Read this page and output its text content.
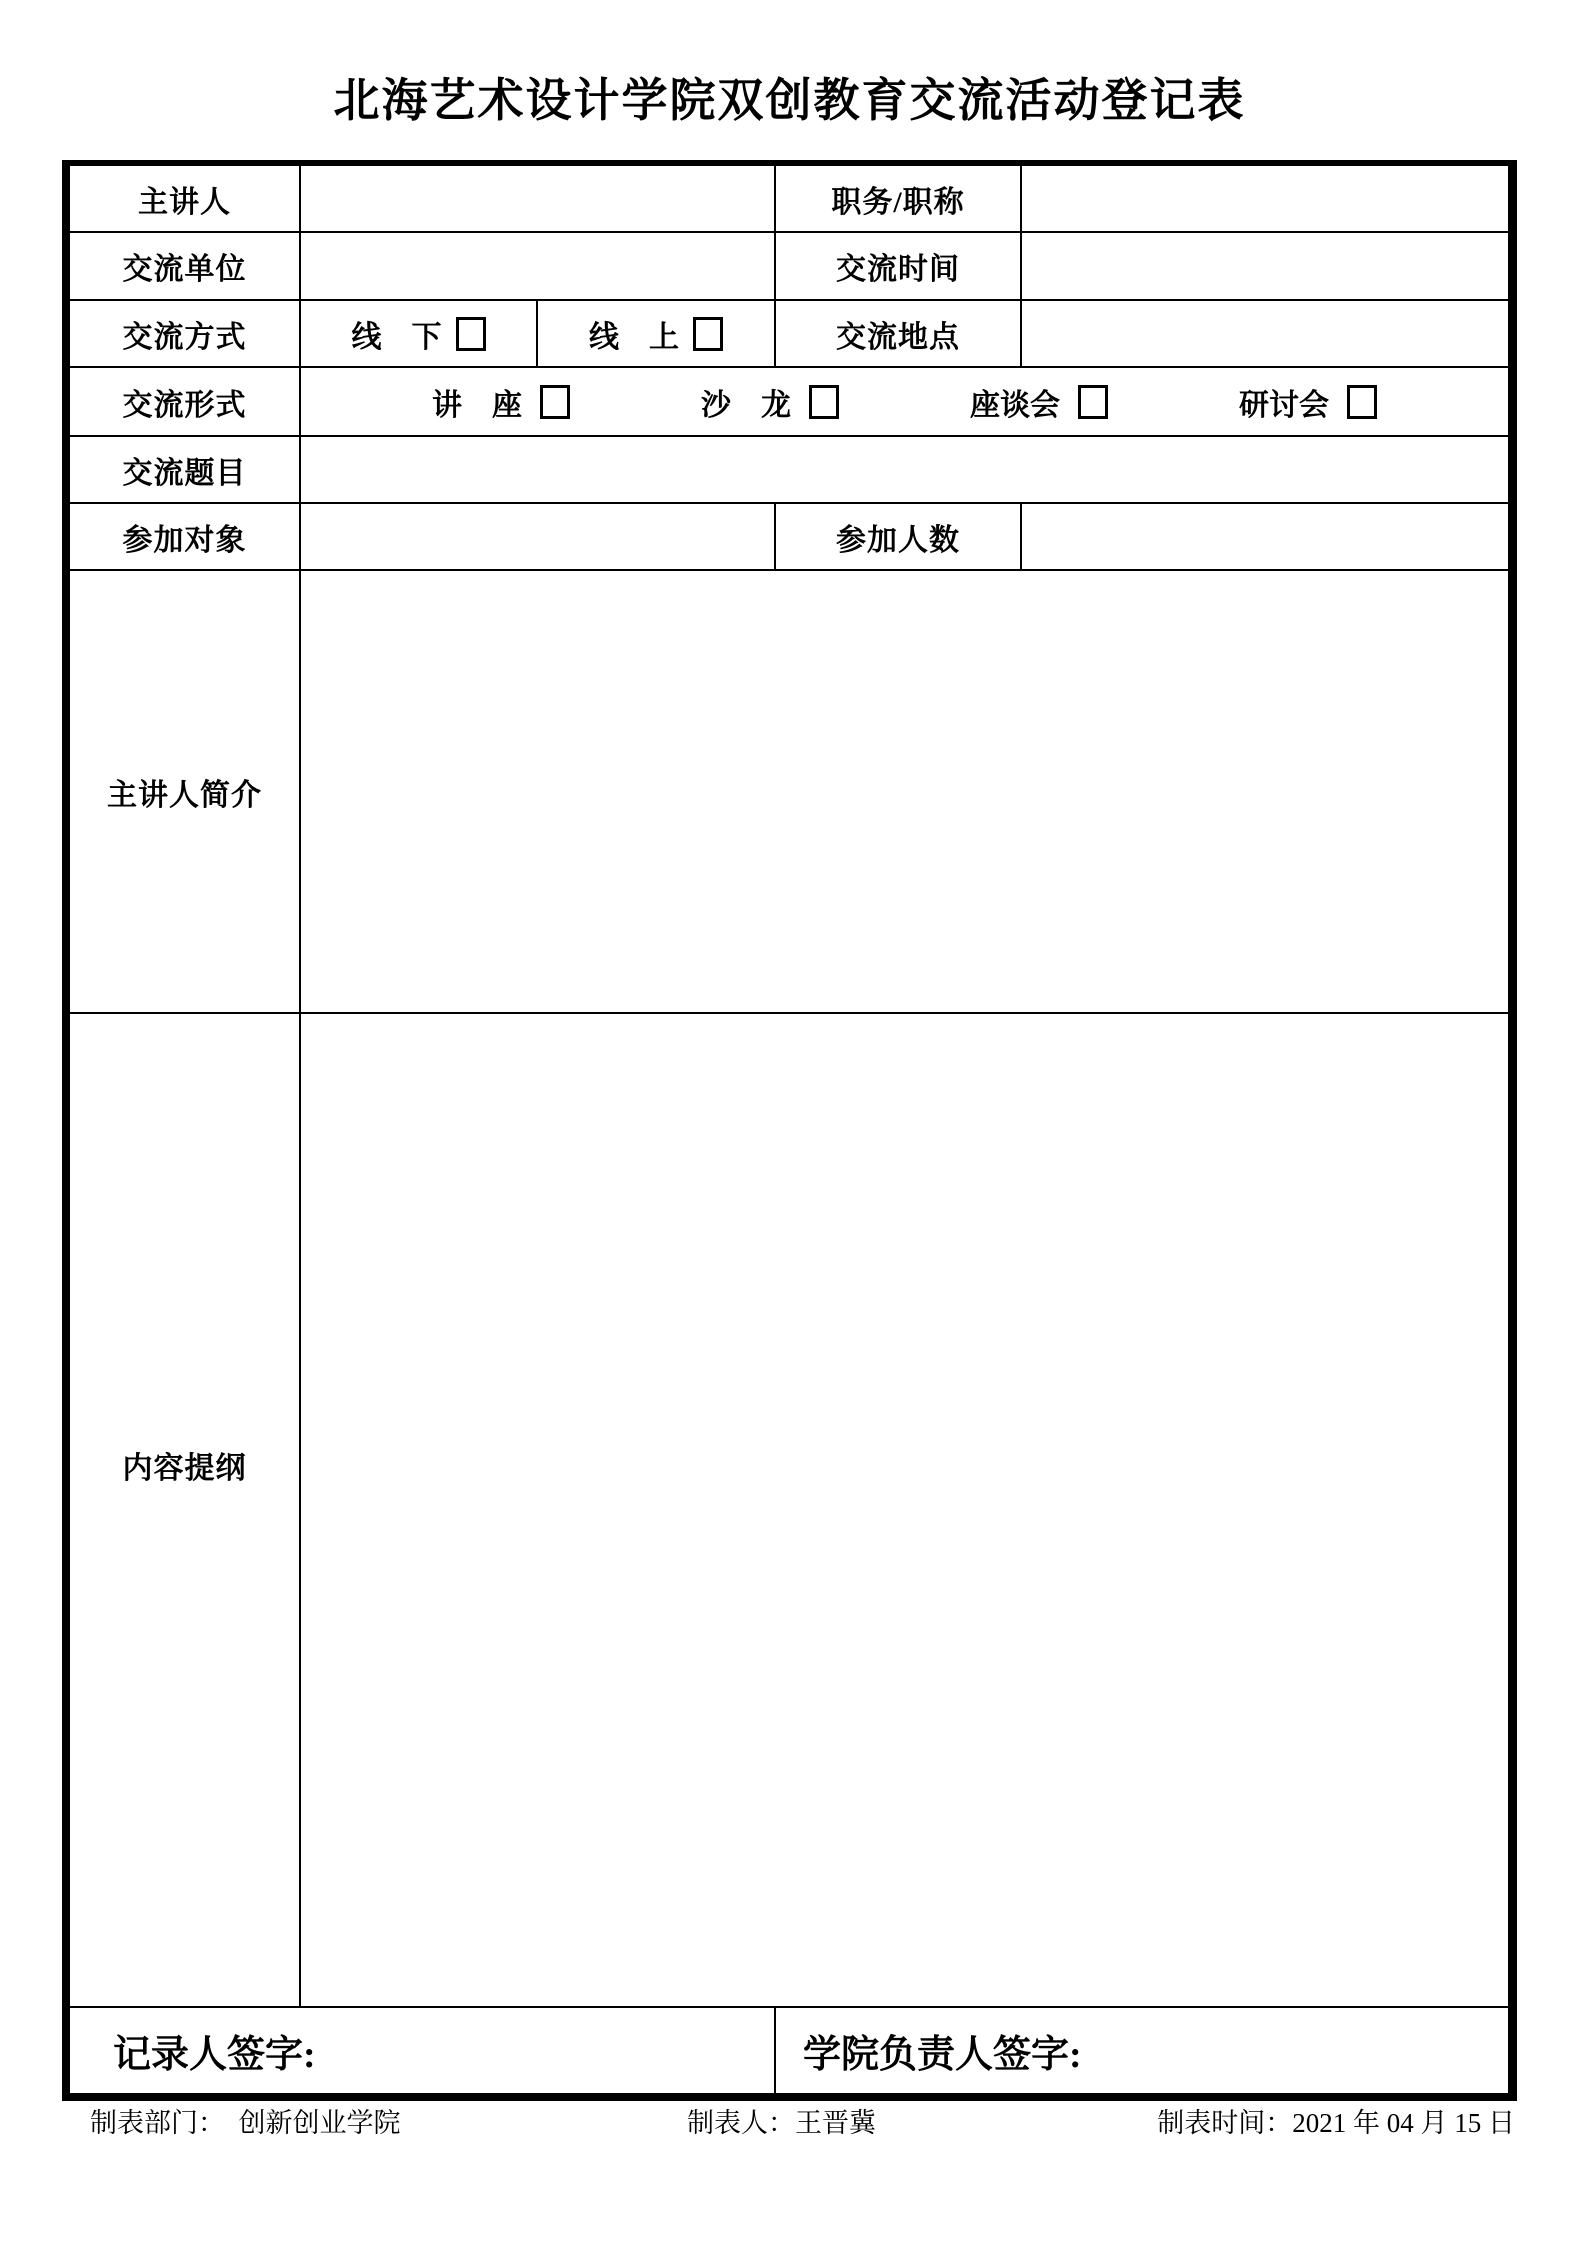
北海艺术设计学院双创教育交流活动登记表
主讲人	职务/职称
交流单位	交流时间
交流方式	线　下	线　上	交流地点
交流形式	讲　座	沙　龙	座谈会	研讨会
交流题目
参加对象	参加人数
主讲人简介
内容提纲
记录人签字:	学院负责人签字:
制表部门：  创新创业学院	制表人：王晋冀	制表时间：2021 年 04 月 15 日
